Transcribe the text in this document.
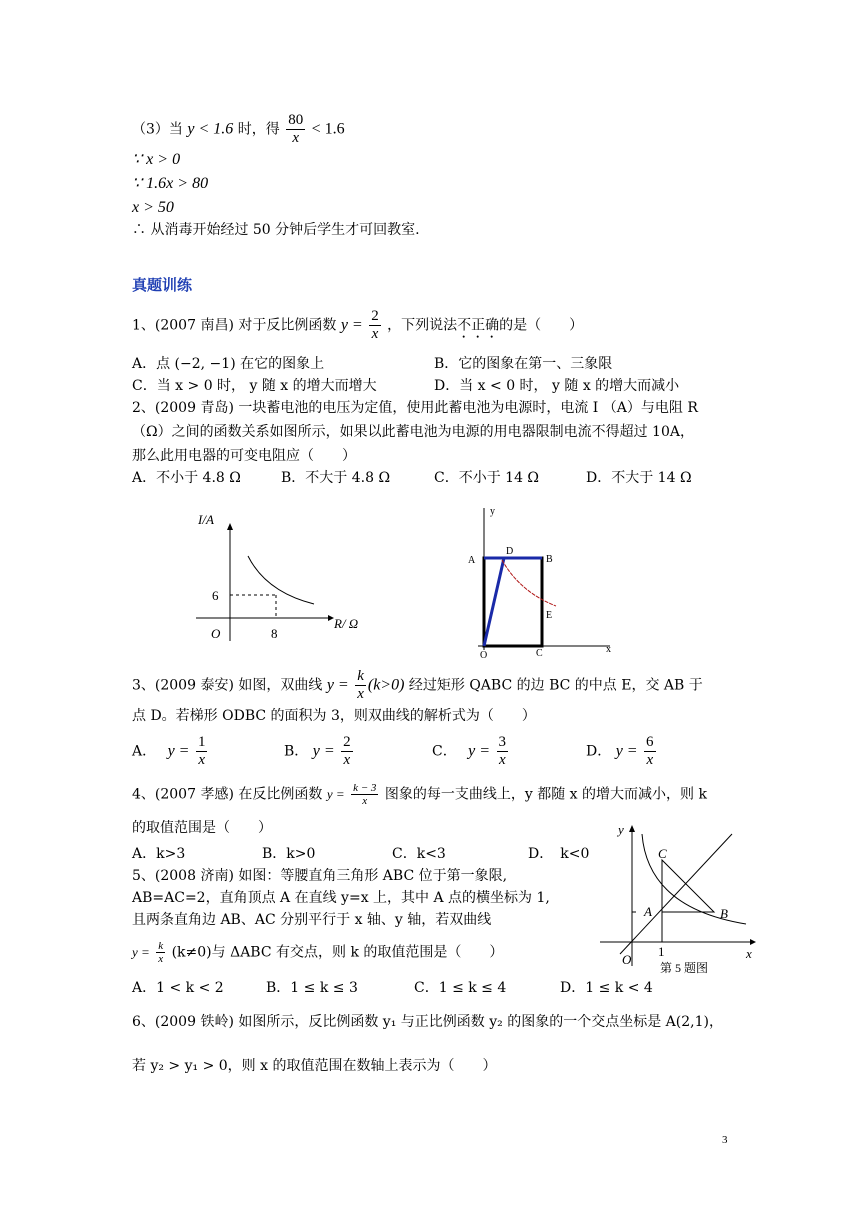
（3）当 y < 1.6 时，得 $\frac{80}{x} < 1.6$
∵ x > 0
∵ 1.6x > 80
x > 50
∴ 从消毒开始经过 50 分钟后学生才可回教室.
真题训练
1、(2007 南昌) 对于反比例函数 $y = \frac{2}{x}$ ，下列说法不正确的是（　　）
A．点 (−2, −1) 在它的图象上	B．它的图象在第一、三象限
C．当 x > 0 时， y 随 x 的增大而增大	D．当 x < 0 时， y 随 x 的增大而减小
2、(2009 青岛) 一块蓄电池的电压为定值，使用此蓄电池为电源时，电流 I （A）与电阻 R
（Ω）之间的函数关系如图所示，如果以此蓄电池为电源的用电器限制电流不得超过 10A，
那么此用电器的可变电阻应（　　）
A．不小于 4.8 Ω	B．不大于 4.8 Ω	C．不小于 14 Ω	D．不大于 14 Ω
I/A
6
O	8
R/ Ω
y
x
A	B
C
D
E
O
3、(2009 泰安) 如图，双曲线 $y = \frac{k}{x} (k>0)$ 经过矩形 QABC 的边 BC 的中点 E，交 AB 于
点 D。若梯形 ODBC 的面积为 3，则双曲线的解析式为（　　）
A．　 $y = \frac{1}{x}$	B． $y = \frac{2}{x}$	C．　 $y = \frac{3}{x}$	D． $y = \frac{6}{x}$
4、(2007 孝感) 在反比例函数 $y = \frac{k - 3}{x}$ 图象的每一支曲线上，y 都随 x 的增大而减小，则 k
的取值范围是（　　）
A．k>3	B．k>0	C．k<3	D．　k<0
5、(2008 济南) 如图：等腰直角三角形 ABC 位于第一象限,
AB=AC=2，直角顶点 A 在直线 y=x 上，其中 A 点的横坐标为 1,
且两条直角边 AB、AC 分别平行于 x 轴、y 轴，若双曲线
$y = \frac{k}{x} (k\ne 0)$与 ΔABC 有交点，则 k 的取值范围是（　　）
A．1 < k < 2	B．1 ≤ k ≤ 3	C．1 ≤ k ≤ 4	D．1 ≤ k < 4
y
x
C
A	B
O
1
第 5 题图
6、(2009 铁岭) 如图所示，反比例函数 y₁ 与正比例函数 y₂ 的图象的一个交点坐标是 A(2,1)，
若 y₂ > y₁ > 0，则 x 的取值范围在数轴上表示为（　　）
3
